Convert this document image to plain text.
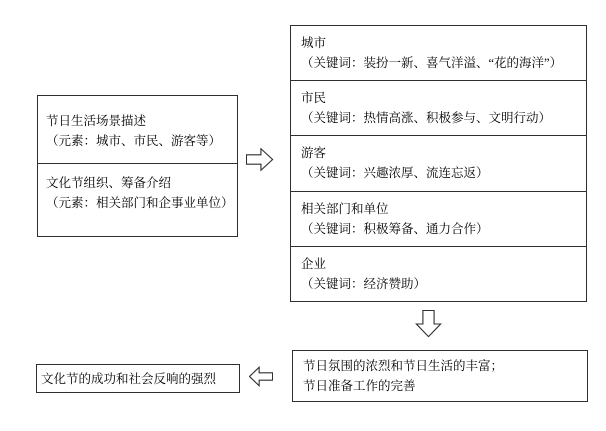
节日生活场景描述
（元素：城市、市民、游客等）
文化节组织、筹备介绍
（元素：相关部门和企事业单位）
城市
（关键词：装扮一新、喜气洋溢、“花的海洋”）
市民
（关键词：热情高涨、积极参与、文明行动）
游客
（关键词：兴趣浓厚、流连忘返）
相关部门和单位
（关键词：积极筹备、通力合作）
企业
（关键词：经济赞助）
节日氛围的浓烈和节日生活的丰富；
节日准备工作的完善
文化节的成功和社会反响的强烈
